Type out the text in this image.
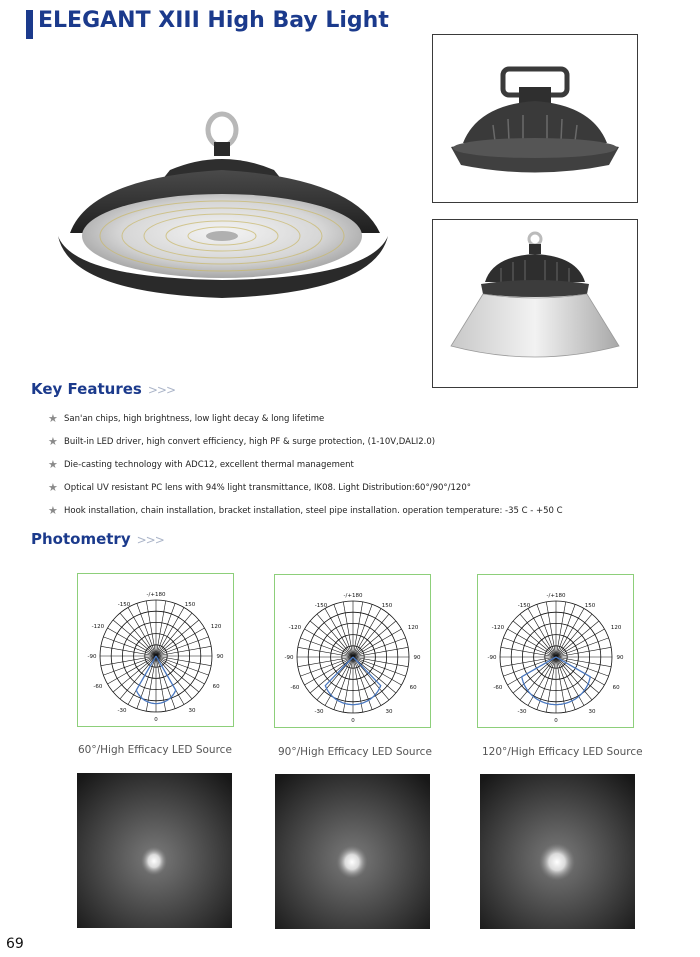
ELEGANT XIII High Bay Light
Key Features >>>
★ San'an chips, high brightness, low light decay & long lifetime
★ Built-in LED driver, high convert efficiency, high PF & surge protection, (1-10V,DALI2.0)
★ Die-casting technology with ADC12, excellent thermal management
★ Optical UV resistant PC lens with 94% light transmittance, IK08. Light Distribution:60°/90°/120°
★ Hook installation, chain installation, bracket installation, steel pipe installation. operation temperature: -35 C - +50 C
Photometry >>>
-/+180
-150	150
-120	120
-90	90
-60	60
-30	30
0
-/+180
-150	150
-120	120
-90	90
-60	60
-30	30
0
-/+180
-150	150
-120	120
-90	90
-60	60
-30	30
0
60°/High Efficacy LED Source	90°/High Efficacy LED Source	120°/High Efficacy LED Source
69
